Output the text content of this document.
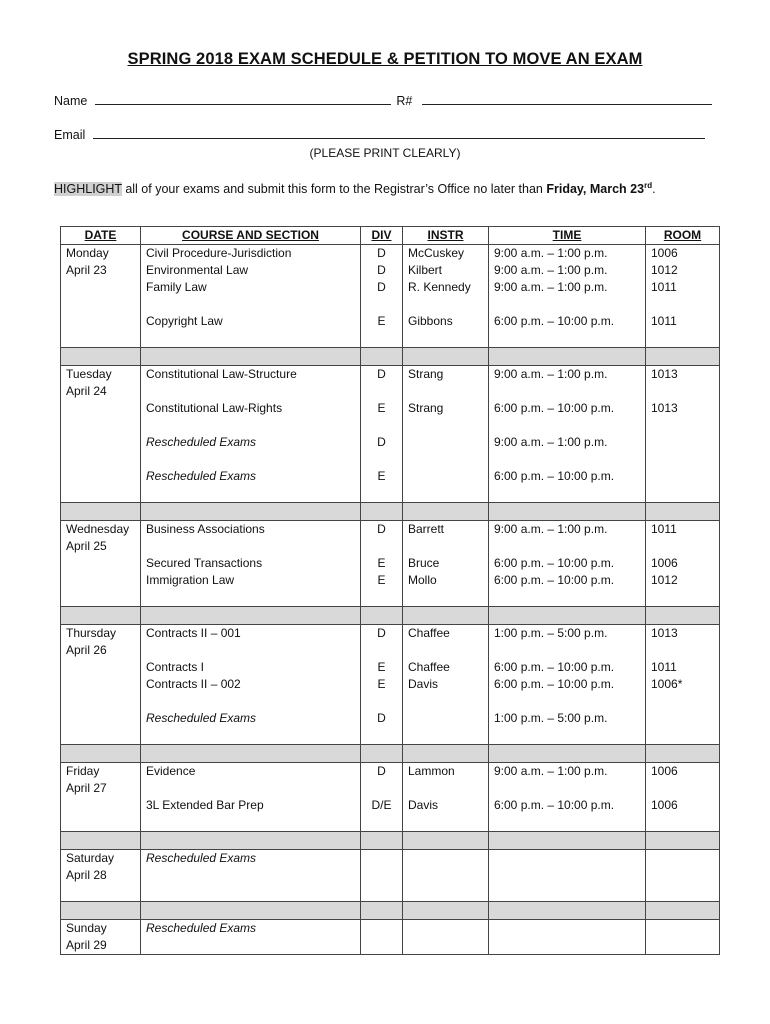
SPRING 2018 EXAM SCHEDULE & PETITION TO MOVE AN EXAM
Name	R#
Email
(PLEASE PRINT CLEARLY)
HIGHLIGHT all of your exams and submit this form to the Registrar’s Office no later than Friday, March 23rd.
DATE	COURSE AND SECTION	DIV	INSTR	TIME	ROOM
Monday	Civil Procedure-Jurisdiction	D	McCuskey	9:00 a.m. – 1:00 p.m.	1006
April 23	Environmental Law	D	Kilbert	9:00 a.m. – 1:00 p.m.	1012
	Family Law	D	R. Kennedy	9:00 a.m. – 1:00 p.m.	1011

	Copyright Law	E	Gibbons	6:00 p.m. – 10:00 p.m.	1011

Tuesday	Constitutional Law-Structure	D	Strang	9:00 a.m. – 1:00 p.m.	1013
April 24					
	Constitutional Law-Rights	E	Strang	6:00 p.m. – 10:00 p.m.	1013

	Rescheduled Exams	D		9:00 a.m. – 1:00 p.m.	

	Rescheduled Exams	E		6:00 p.m. – 10:00 p.m.	

Wednesday	Business Associations	D	Barrett	9:00 a.m. – 1:00 p.m.	1011
April 25					
	Secured Transactions	E	Bruce	6:00 p.m. – 10:00 p.m.	1006
	Immigration Law	E	Mollo	6:00 p.m. – 10:00 p.m.	1012

Thursday	Contracts II – 001	D	Chaffee	1:00 p.m. – 5:00 p.m.	1013
April 26					
	Contracts I	E	Chaffee	6:00 p.m. – 10:00 p.m.	1011
	Contracts II – 002	E	Davis	6:00 p.m. – 10:00 p.m.	1006*

	Rescheduled Exams	D		1:00 p.m. – 5:00 p.m.	

Friday	Evidence	D	Lammon	9:00 a.m. – 1:00 p.m.	1006
April 27					
	3L Extended Bar Prep	D/E	Davis	6:00 p.m. – 10:00 p.m.	1006

Saturday	Rescheduled Exams				
April 28					

Sunday	Rescheduled Exams				
April 29					
